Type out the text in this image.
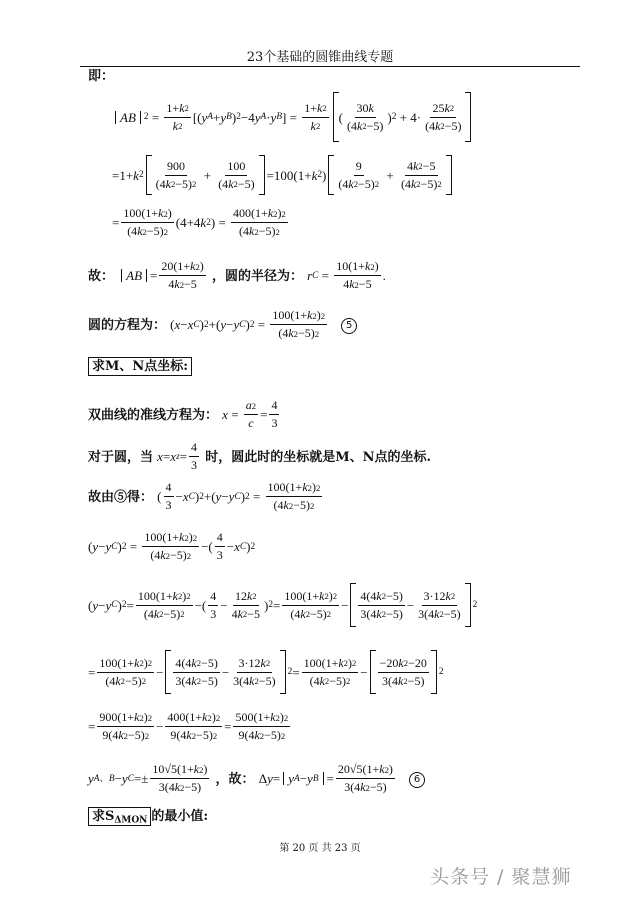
23个基础的圆锥曲线专题
即：
AB $2 = \frac{1+ k 2}{k 2}$ [( y A + y B ) 2 −4 y A · y B ] = $\frac{1+ k 2}{k 2}$ ( $\frac{30 k}{(4 k 2 -5)}$ ) $2 + 4\cdot \frac{25 k 2}{(4 k 2 -5)}$
=1+ k $2 \frac{900}{(4 k 2 -5) 2} + \frac{100}{(4 k 2 -5)} =100(1+ k$ 2 ) $\frac{9}{(4 k 2 -5) 2} + \frac{4 k 2 -5}{(4 k 2 -5) 2}$
= $\frac{100(1+ k 2 )}{(4 k 2 -5) 2} (4+4$ k 2 ) = $\frac{400(1+ k 2 ) 2}{(4 k 2 -5) 2}$
故： AB = $\frac{20(1+ k 2 )}{4 k 2 -5}$ ，圆的半径为： r $C = \frac{10(1+ k 2 )}{4 k 2 -5}$ .
圆的方程为： ( x − x C ) 2 +( y − y C ) $2 = \frac{100(1+ k 2 ) 2}{(4 k 2 -5) 2} 5$
求M、N点坐标:
双曲线的准线方程为： $x = \frac{a 2}{c} = \frac{4}{3}$
对于圆，当 x = x $z = \frac{4}{3}$ 时，圆此时的坐标就是M、N点的坐标.
故由⑤得： ( $\frac{4}{3} - x$ C ) 2 +( y − y C ) $2 = \frac{100(1+ k 2 ) 2}{(4 k 2 -5) 2}$
( y − y C ) $2 = \frac{100(1+ k 2 ) 2}{(4 k 2 -5) 2}$ −( $\frac{4}{3} - x$ C ) 2
( y − y C ) $2 = \frac{100(1+ k 2 ) 2}{(4 k 2 -5) 2}$ −( $\frac{4}{3} - \frac{12 k 2}{4 k 2 -5}$ ) $2 = \frac{100(1+ k 2 ) 2}{(4 k 2 -5) 2} - \frac{4(4 k 2 -5)}{3(4 k 2 -5)} - \frac{3\cdot 12 k 2}{3(4 k 2 -5)} 2$
= $\frac{100(1+ k 2 ) 2}{(4 k 2 -5) 2} - \frac{4(4 k 2 -5)}{3(4 k 2 -5)} - \frac{3\cdot 12 k 2}{3(4 k 2 -5)} 2 = \frac{100(1+ k 2 ) 2}{(4 k 2 -5) 2} - \frac{-20 k 2 -20}{3(4 k 2 -5)} 2$
= $\frac{900(1+ k 2 ) 2}{9(4 k 2 -5) 2} - \frac{400(1+ k 2 ) 2}{9(4 k 2 -5) 2} = \frac{500(1+ k 2 ) 2}{9(4 k 2 -5) 2}$
y A、B − y $C =\pm \frac{10√5(1+ k 2 )}{3(4 k 2 -5)}$ ，故： Δ y = y A − y $B = \frac{20√5(1+ k 2 )}{3(4 k 2 -5)} 6$
求$S_{\Delta MON}$ 的最小值:
第 20 页 共 23 页
头条号 / 聚慧狮
